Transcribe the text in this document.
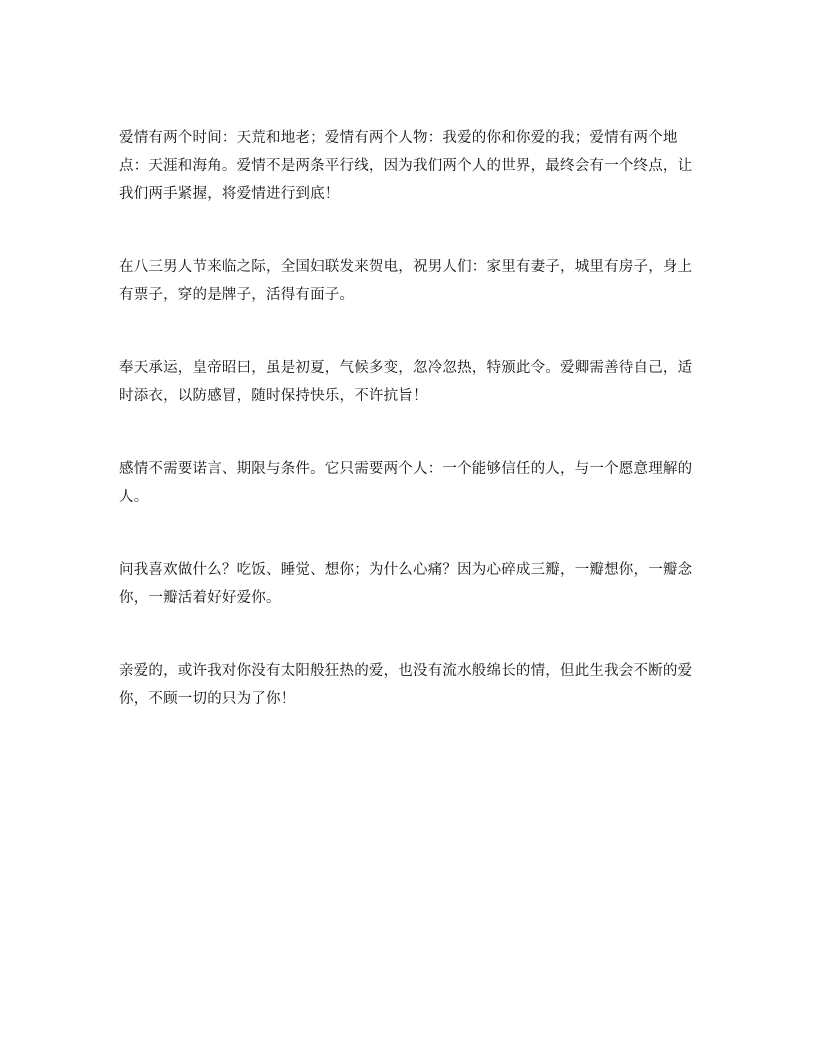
爱情有两个时间：天荒和地老；爱情有两个人物：我爱的你和你爱的我；爱情有两个地点：天涯和海角。爱情不是两条平行线，因为我们两个人的世界，最终会有一个终点，让我们两手紧握，将爱情进行到底！

在八三男人节来临之际，全国妇联发来贺电，祝男人们：家里有妻子，城里有房子，身上有票子，穿的是牌子，活得有面子。

奉天承运，皇帝昭曰，虽是初夏，气候多变，忽冷忽热，特颁此令。爱卿需善待自己，适时添衣，以防感冒，随时保持快乐，不许抗旨！

感情不需要诺言、期限与条件。它只需要两个人：一个能够信任的人，与一个愿意理解的人。

问我喜欢做什么？吃饭、睡觉、想你；为什么心痛？因为心碎成三瓣，一瓣想你，一瓣念你，一瓣活着好好爱你。

亲爱的，或许我对你没有太阳般狂热的爱，也没有流水般绵长的情，但此生我会不断的爱你，不顾一切的只为了你！
